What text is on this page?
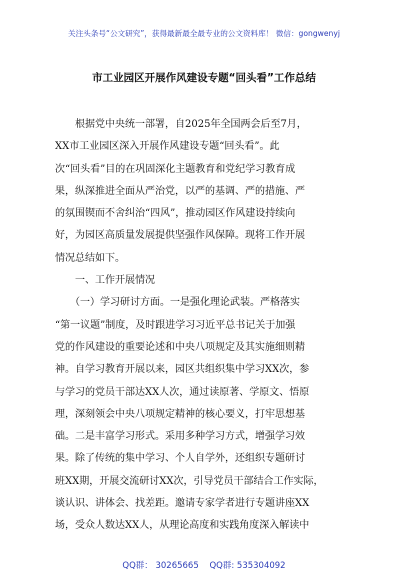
关注头条号“公文研究”，获得最新最全最专业的公文资料库！ 微信：gongwenyj
市工业园区开展作风建设专题“回头看”工作总结
　　根据党中央统一部署，自2025年全国两会后至7月，
XX市工业园区深入开展作风建设专题“回头看”。此
次“回头看”目的在巩固深化主题教育和党纪学习教育成
果，纵深推进全面从严治党，以严的基调、严的措施、严
的氛围锲而不舍纠治“四风”，推动园区作风建设持续向
好，为园区高质量发展提供坚强作风保障。现将工作开展
情况总结如下。
　　一、工作开展情况
　　（一）学习研讨方面。一是强化理论武装。严格落实
“第一议题”制度，及时跟进学习习近平总书记关于加强
党的作风建设的重要论述和中央八项规定及其实施细则精
神。自学习教育开展以来，园区共组织集中学习XX次，参
与学习的党员干部达XX人次，通过读原著、学原文、悟原
理，深刻领会中央八项规定精神的核心要义，打牢思想基
础。二是丰富学习形式。采用多种学习方式，增强学习效
果。除了传统的集中学习、个人自学外，还组织专题研讨
班XX期，开展交流研讨XX次，引导党员干部结合工作实际，
谈认识、讲体会、找差距。邀请专家学者进行专题讲座XX
场，受众人数达XX人，从理论高度和实践角度深入解读中
QQ群： 30265665 QQ群: 535304092
